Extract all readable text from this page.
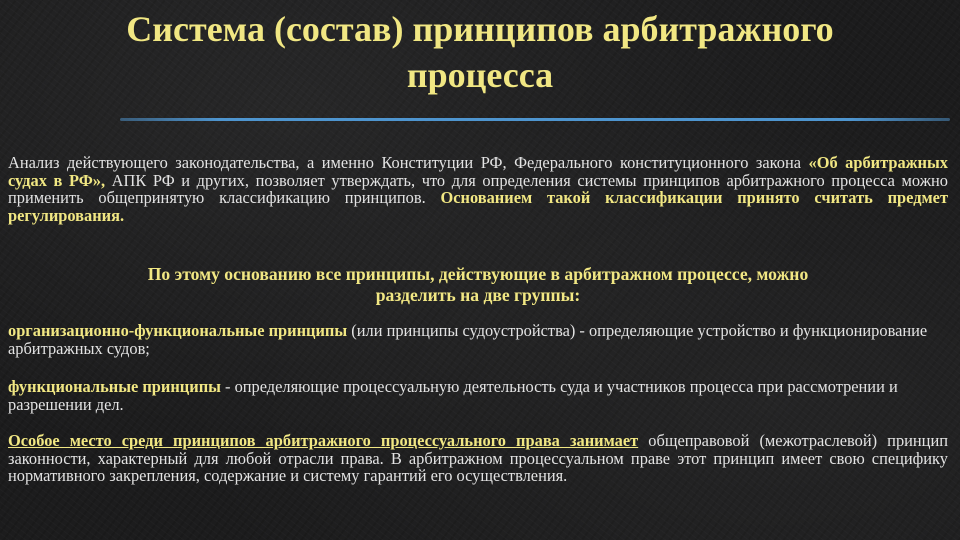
Система (состав) принципов арбитражного
процесса

Анализ действующего законодательства, а именно Конституции РФ, Федерального конституционного закона «Об арбитражных судах в РФ», АПК РФ и других, позволяет утверждать, что для определения системы принципов арбитражного процесса можно применить общепринятую классификацию принципов. Основанием такой классификации принято считать предмет регулирования.

По этому основанию все принципы, действующие в арбитражном процессе, можно
разделить на две группы:

организационно-функциональные принципы (или принципы судоустройства) - определяющие устройство и функционирование арбитражных судов;

функциональные принципы - определяющие процессуальную деятельность суда и участников процесса при рассмотрении и разрешении дел.

Особое место среди принципов арбитражного процессуального права занимает общеправовой (межотраслевой) принцип законности, характерный для любой отрасли права. В арбитражном процессуальном праве этот принцип имеет свою специфику нормативного закрепления, содержание и систему гарантий его осуществления.
